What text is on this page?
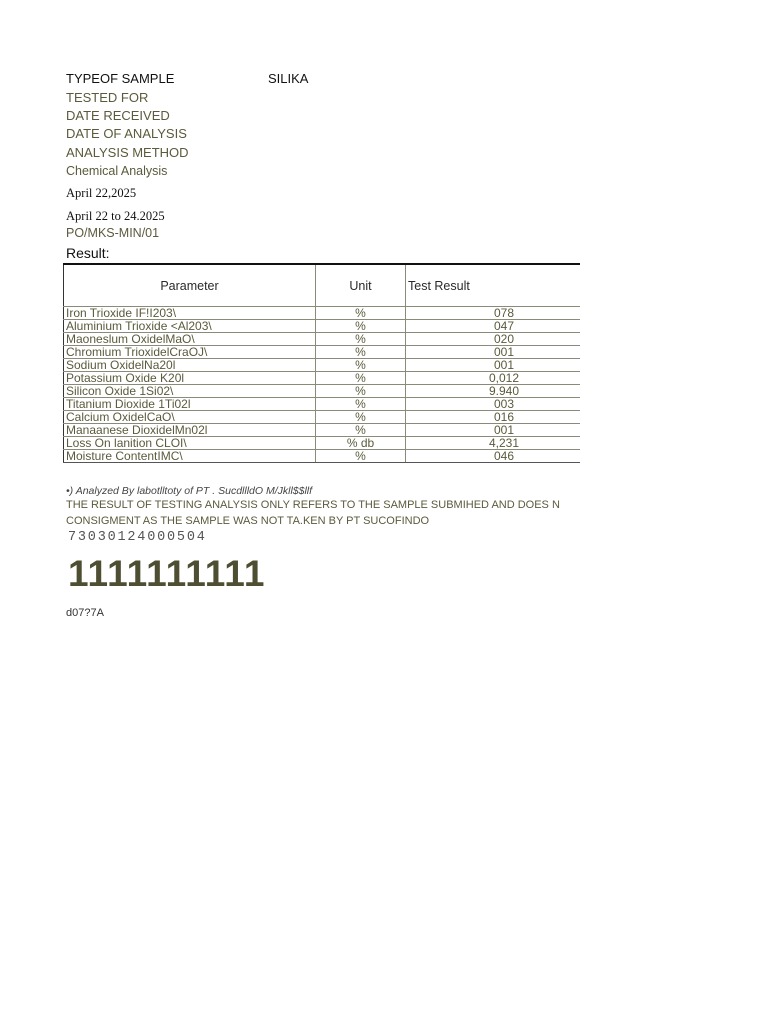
TYPEOF SAMPLE	SILIKA
TESTED FOR
DATE RECEIVED
DATE OF ANALYSIS
ANALYSIS METHOD
Chemical Analysis
April 22,2025
April 22 to 24.2025
PO/MKS-MIN/01
Result:
Parameter	Unit	Test Result
Iron Trioxide IF!I203\	%	078
Aluminium Trioxide <Al203\	%	047
Maoneslum OxidelMaO\	%	020
Chromium TrioxidelCraOJ\	%	001
Sodium OxidelNa20l	%	001
Potassium Oxide K20l	%	0,012
Silicon Oxide 1Si02\	%	9.940
Titanium Dioxide 1Ti02l	%	003
Calcium OxidelCaO\	%	016
Manaanese DioxidelMn02l	%	001
Loss On lanition CLOI\	% db	4,231
Moisture ContentIMC\	%	046
•) Analyzed By labotlltoty of PT . SucdllldO M/Jkll$$llf
THE RESULT OF TESTING ANALYSIS ONLY REFERS TO THE SAMPLE SUBMIHED AND DOES N
CONSIGMENT AS THE SAMPLE WAS NOT TA.KEN BY PT SUCOFINDO
73030124000504
1111111111
d07?7A
